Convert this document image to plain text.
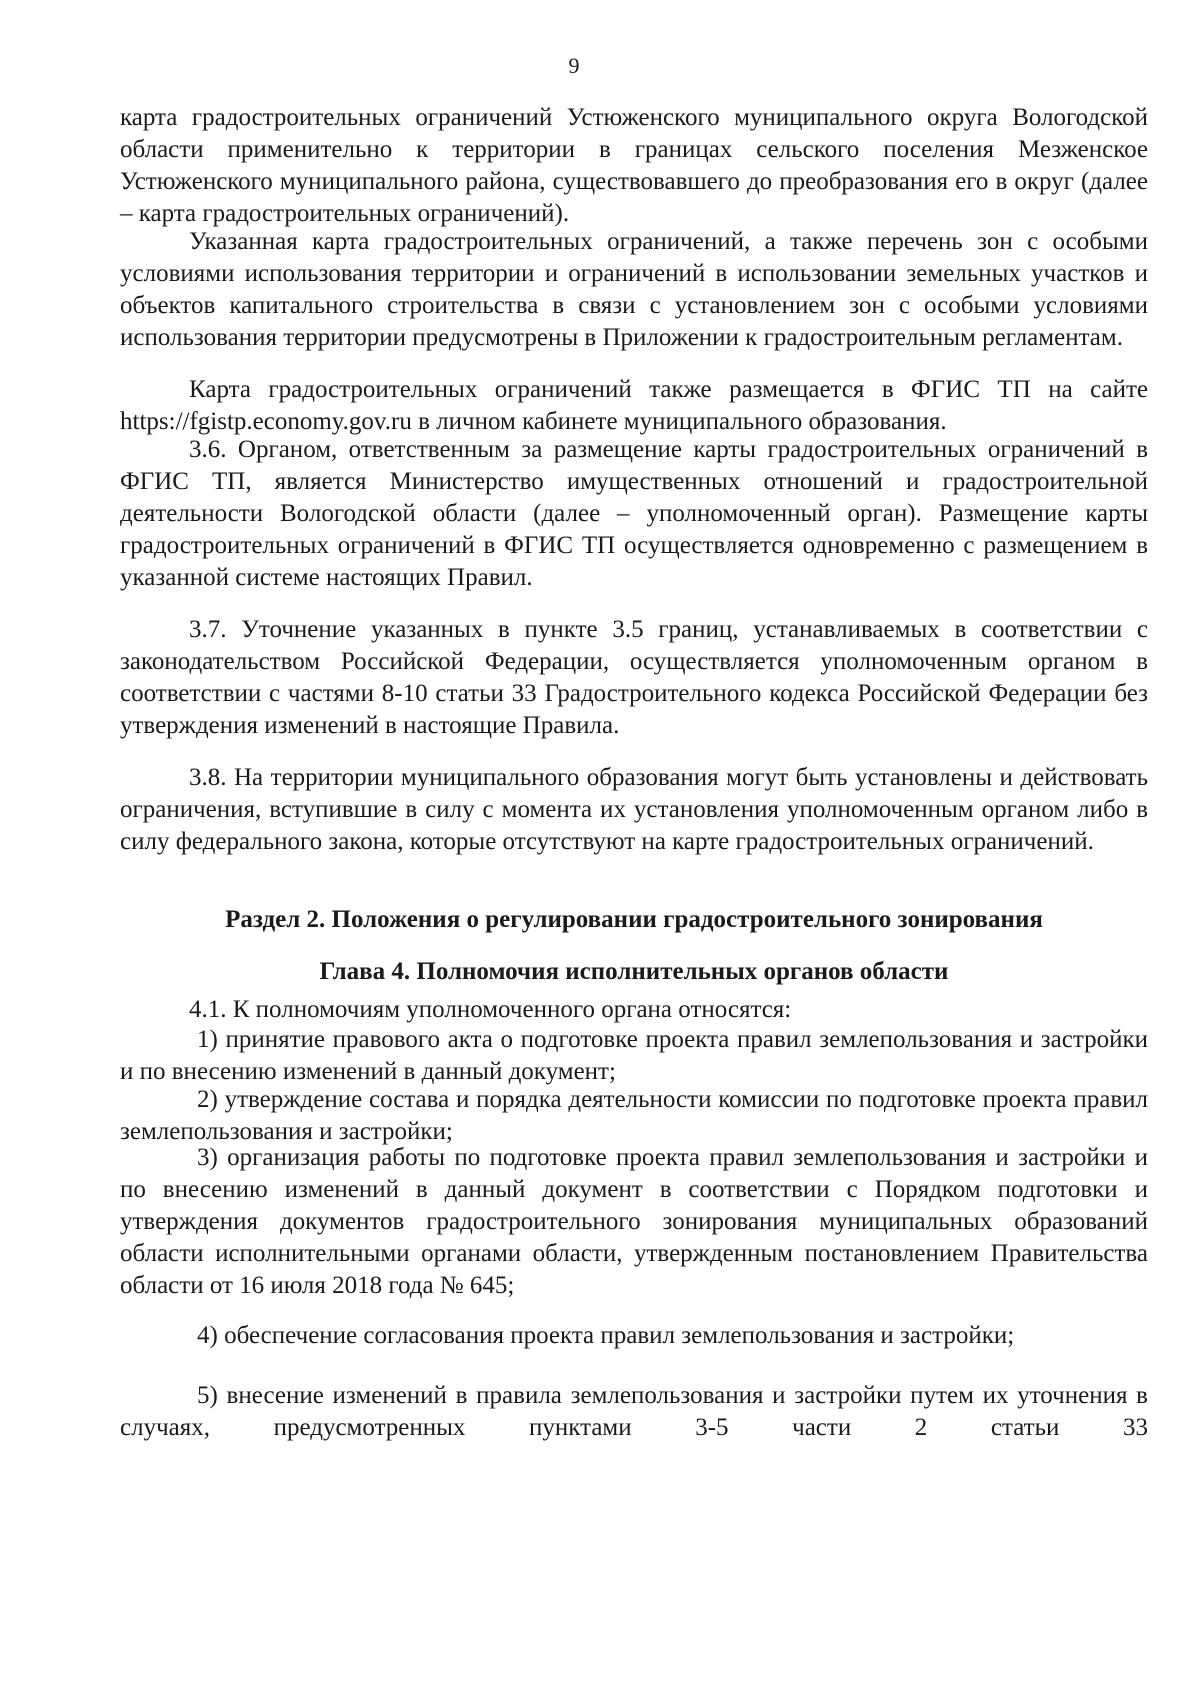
9
карта градостроительных ограничений Устюженского муниципального округа Вологодской области применительно к территории в границах сельского поселения Мезженское Устюженского муниципального района, существовавшего до преобразования его в округ (далее – карта градостроительных ограничений).
Указанная карта градостроительных ограничений, а также перечень зон с особыми условиями использования территории и ограничений в использовании земельных участков и объектов капитального строительства в связи с установлением зон с особыми условиями использования территории предусмотрены в Приложении к градостроительным регламентам.
Карта градостроительных ограничений также размещается в ФГИС ТП на сайте https://fgistp.economy.gov.ru в личном кабинете муниципального образования.
3.6. Органом, ответственным за размещение карты градостроительных ограничений в ФГИС ТП, является Министерство имущественных отношений и градостроительной деятельности Вологодской области (далее – уполномоченный орган). Размещение карты градостроительных ограничений в ФГИС ТП осуществляется одновременно с размещением в указанной системе настоящих Правил.
3.7. Уточнение указанных в пункте 3.5 границ, устанавливаемых в соответствии с законодательством Российской Федерации, осуществляется уполномоченным органом в соответствии с частями 8-10 статьи 33 Градостроительного кодекса Российской Федерации без утверждения изменений в настоящие Правила.
3.8. На территории муниципального образования могут быть установлены и действовать ограничения, вступившие в силу с момента их установления уполномоченным органом либо в силу федерального закона, которые отсутствуют на карте градостроительных ограничений.
Раздел 2. Положения о регулировании градостроительного зонирования
Глава 4. Полномочия исполнительных органов области
4.1. К полномочиям уполномоченного органа относятся:
1) принятие правового акта о подготовке проекта правил землепользования и застройки и по внесению изменений в данный документ;
2) утверждение состава и порядка деятельности комиссии по подготовке проекта правил землепользования и застройки;
3) организация работы по подготовке проекта правил землепользования и застройки и по внесению изменений в данный документ в соответствии с Порядком подготовки и утверждения документов градостроительного зонирования муниципальных образований области исполнительными органами области, утвержденным постановлением Правительства области от 16 июля 2018 года № 645;
4) обеспечение согласования проекта правил землепользования и застройки;
5) внесение изменений в правила землепользования и застройки путем их уточнения в случаях, предусмотренных пунктами 3-5 части 2 статьи 33
